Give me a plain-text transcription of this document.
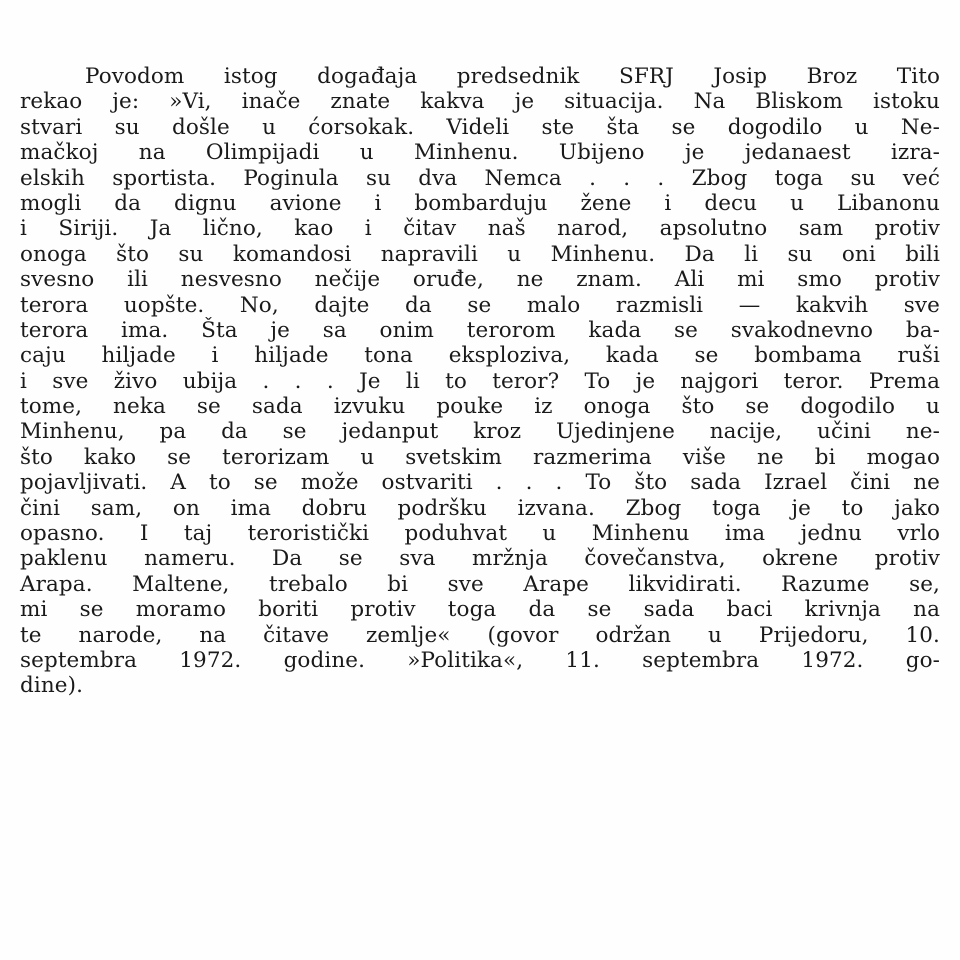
Povodom istog događaja predsednik SFRJ Josip Broz Tito
rekao je: »Vi, inače znate kakva je situacija. Na Bliskom istoku
stvari su došle u ćorsokak. Videli ste šta se dogodilo u Ne-
mačkoj na Olimpijadi u Minhenu. Ubijeno je jedanaest izra-
elskih sportista. Poginula su dva Nemca . . . Zbog toga su već
mogli da dignu avione i bombarduju žene i decu u Libanonu
i Siriji. Ja lično, kao i čitav naš narod, apsolutno sam protiv
onoga što su komandosi napravili u Minhenu. Da li su oni bili
svesno ili nesvesno nečije oruđe, ne znam. Ali mi smo protiv
terora uopšte. No, dajte da se malo razmisli — kakvih sve
terora ima. Šta je sa onim terorom kada se svakodnevno ba-
caju hiljade i hiljade tona eksploziva, kada se bombama ruši
i sve živo ubija . . . Je li to teror? To je najgori teror. Prema
tome, neka se sada izvuku pouke iz onoga što se dogodilo u
Minhenu, pa da se jedanput kroz Ujedinjene nacije, učini ne-
što kako se terorizam u svetskim razmerima više ne bi mogao
pojavljivati. A to se može ostvariti . . . To što sada Izrael čini ne
čini sam, on ima dobru podršku izvana. Zbog toga je to jako
opasno. I taj teroristički poduhvat u Minhenu ima jednu vrlo
paklenu nameru. Da se sva mržnja čovečanstva, okrene protiv
Arapa. Maltene, trebalo bi sve Arape likvidirati. Razume se,
mi se moramo boriti protiv toga da se sada baci krivnja na
te narode, na čitave zemlje« (govor održan u Prijedoru, 10.
septembra 1972. godine. »Politika«, 11. septembra 1972. go-
dine).
